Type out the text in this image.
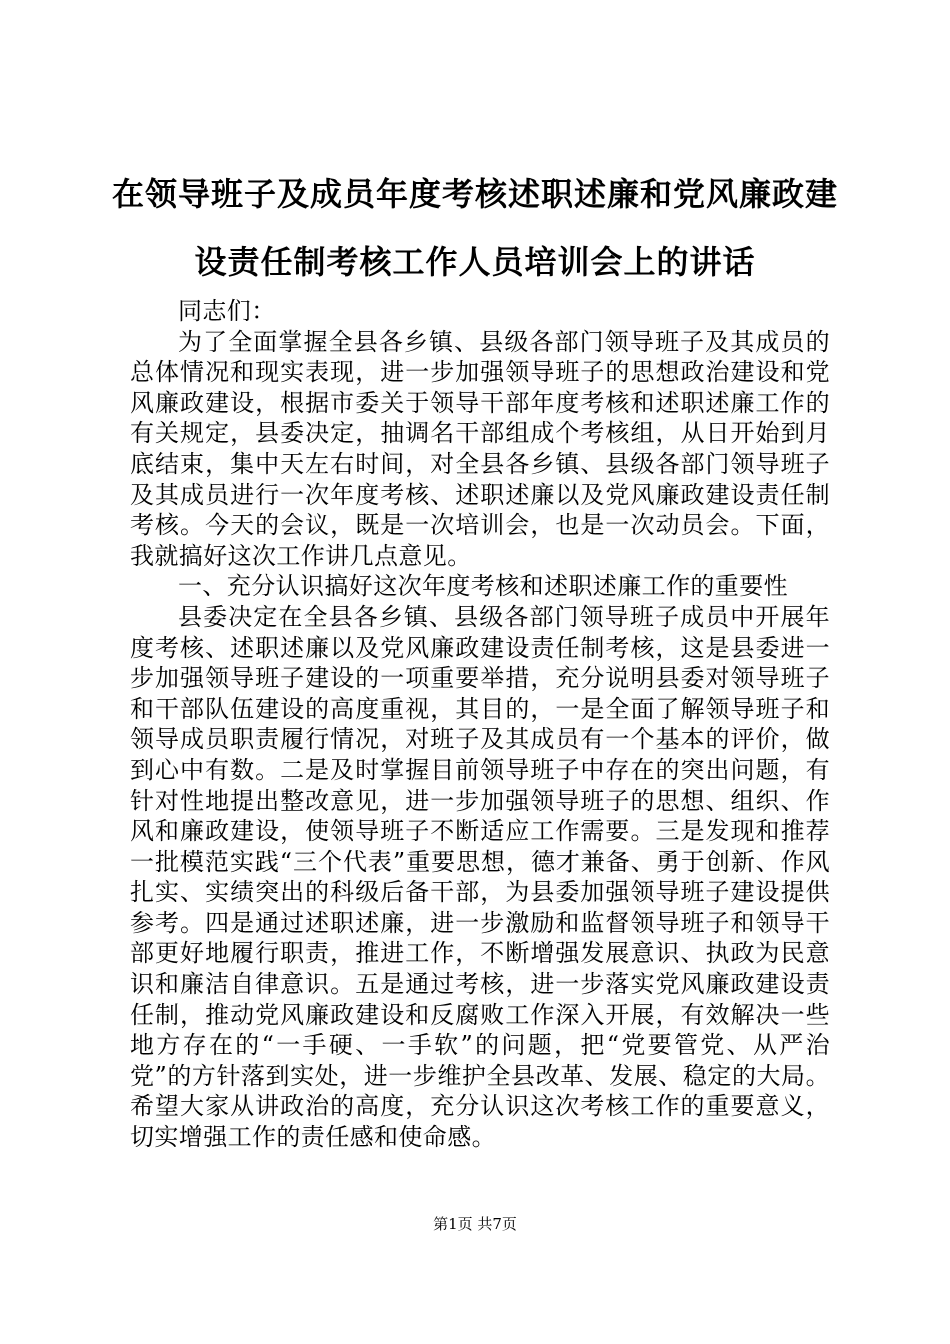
在领导班子及成员年度考核述职述廉和党风廉政建设责任制考核工作人员培训会上的讲话

同志们：

为了全面掌握全县各乡镇、县级各部门领导班子及其成员的总体情况和现实表现，进一步加强领导班子的思想政治建设和党风廉政建设，根据市委关于领导干部年度考核和述职述廉工作的有关规定，县委决定，抽调名干部组成个考核组，从日开始到月底结束，集中天左右时间，对全县各乡镇、县级各部门领导班子及其成员进行一次年度考核、述职述廉以及党风廉政建设责任制考核。今天的会议，既是一次培训会，也是一次动员会。下面，我就搞好这次工作讲几点意见。

一、充分认识搞好这次年度考核和述职述廉工作的重要性

县委决定在全县各乡镇、县级各部门领导班子成员中开展年度考核、述职述廉以及党风廉政建设责任制考核，这是县委进一步加强领导班子建设的一项重要举措，充分说明县委对领导班子和干部队伍建设的高度重视，其目的，一是全面了解领导班子和领导成员职责履行情况，对班子及其成员有一个基本的评价，做到心中有数。二是及时掌握目前领导班子中存在的突出问题，有针对性地提出整改意见，进一步加强领导班子的思想、组织、作风和廉政建设，使领导班子不断适应工作需要。三是发现和推荐一批模范实践“三个代表”重要思想，德才兼备、勇于创新、作风扎实、实绩突出的科级后备干部，为县委加强领导班子建设提供参考。四是通过述职述廉，进一步激励和监督领导班子和领导干部更好地履行职责，推进工作，不断增强发展意识、执政为民意识和廉洁自律意识。五是通过考核，进一步落实党风廉政建设责任制，推动党风廉政建设和反腐败工作深入开展，有效解决一些地方存在的“一手硬、一手软”的问题，把“党要管党、从严治党”的方针落到实处，进一步维护全县改革、发展、稳定的大局。希望大家从讲政治的高度，充分认识这次考核工作的重要意义，切实增强工作的责任感和使命感。

第1页 共7页
